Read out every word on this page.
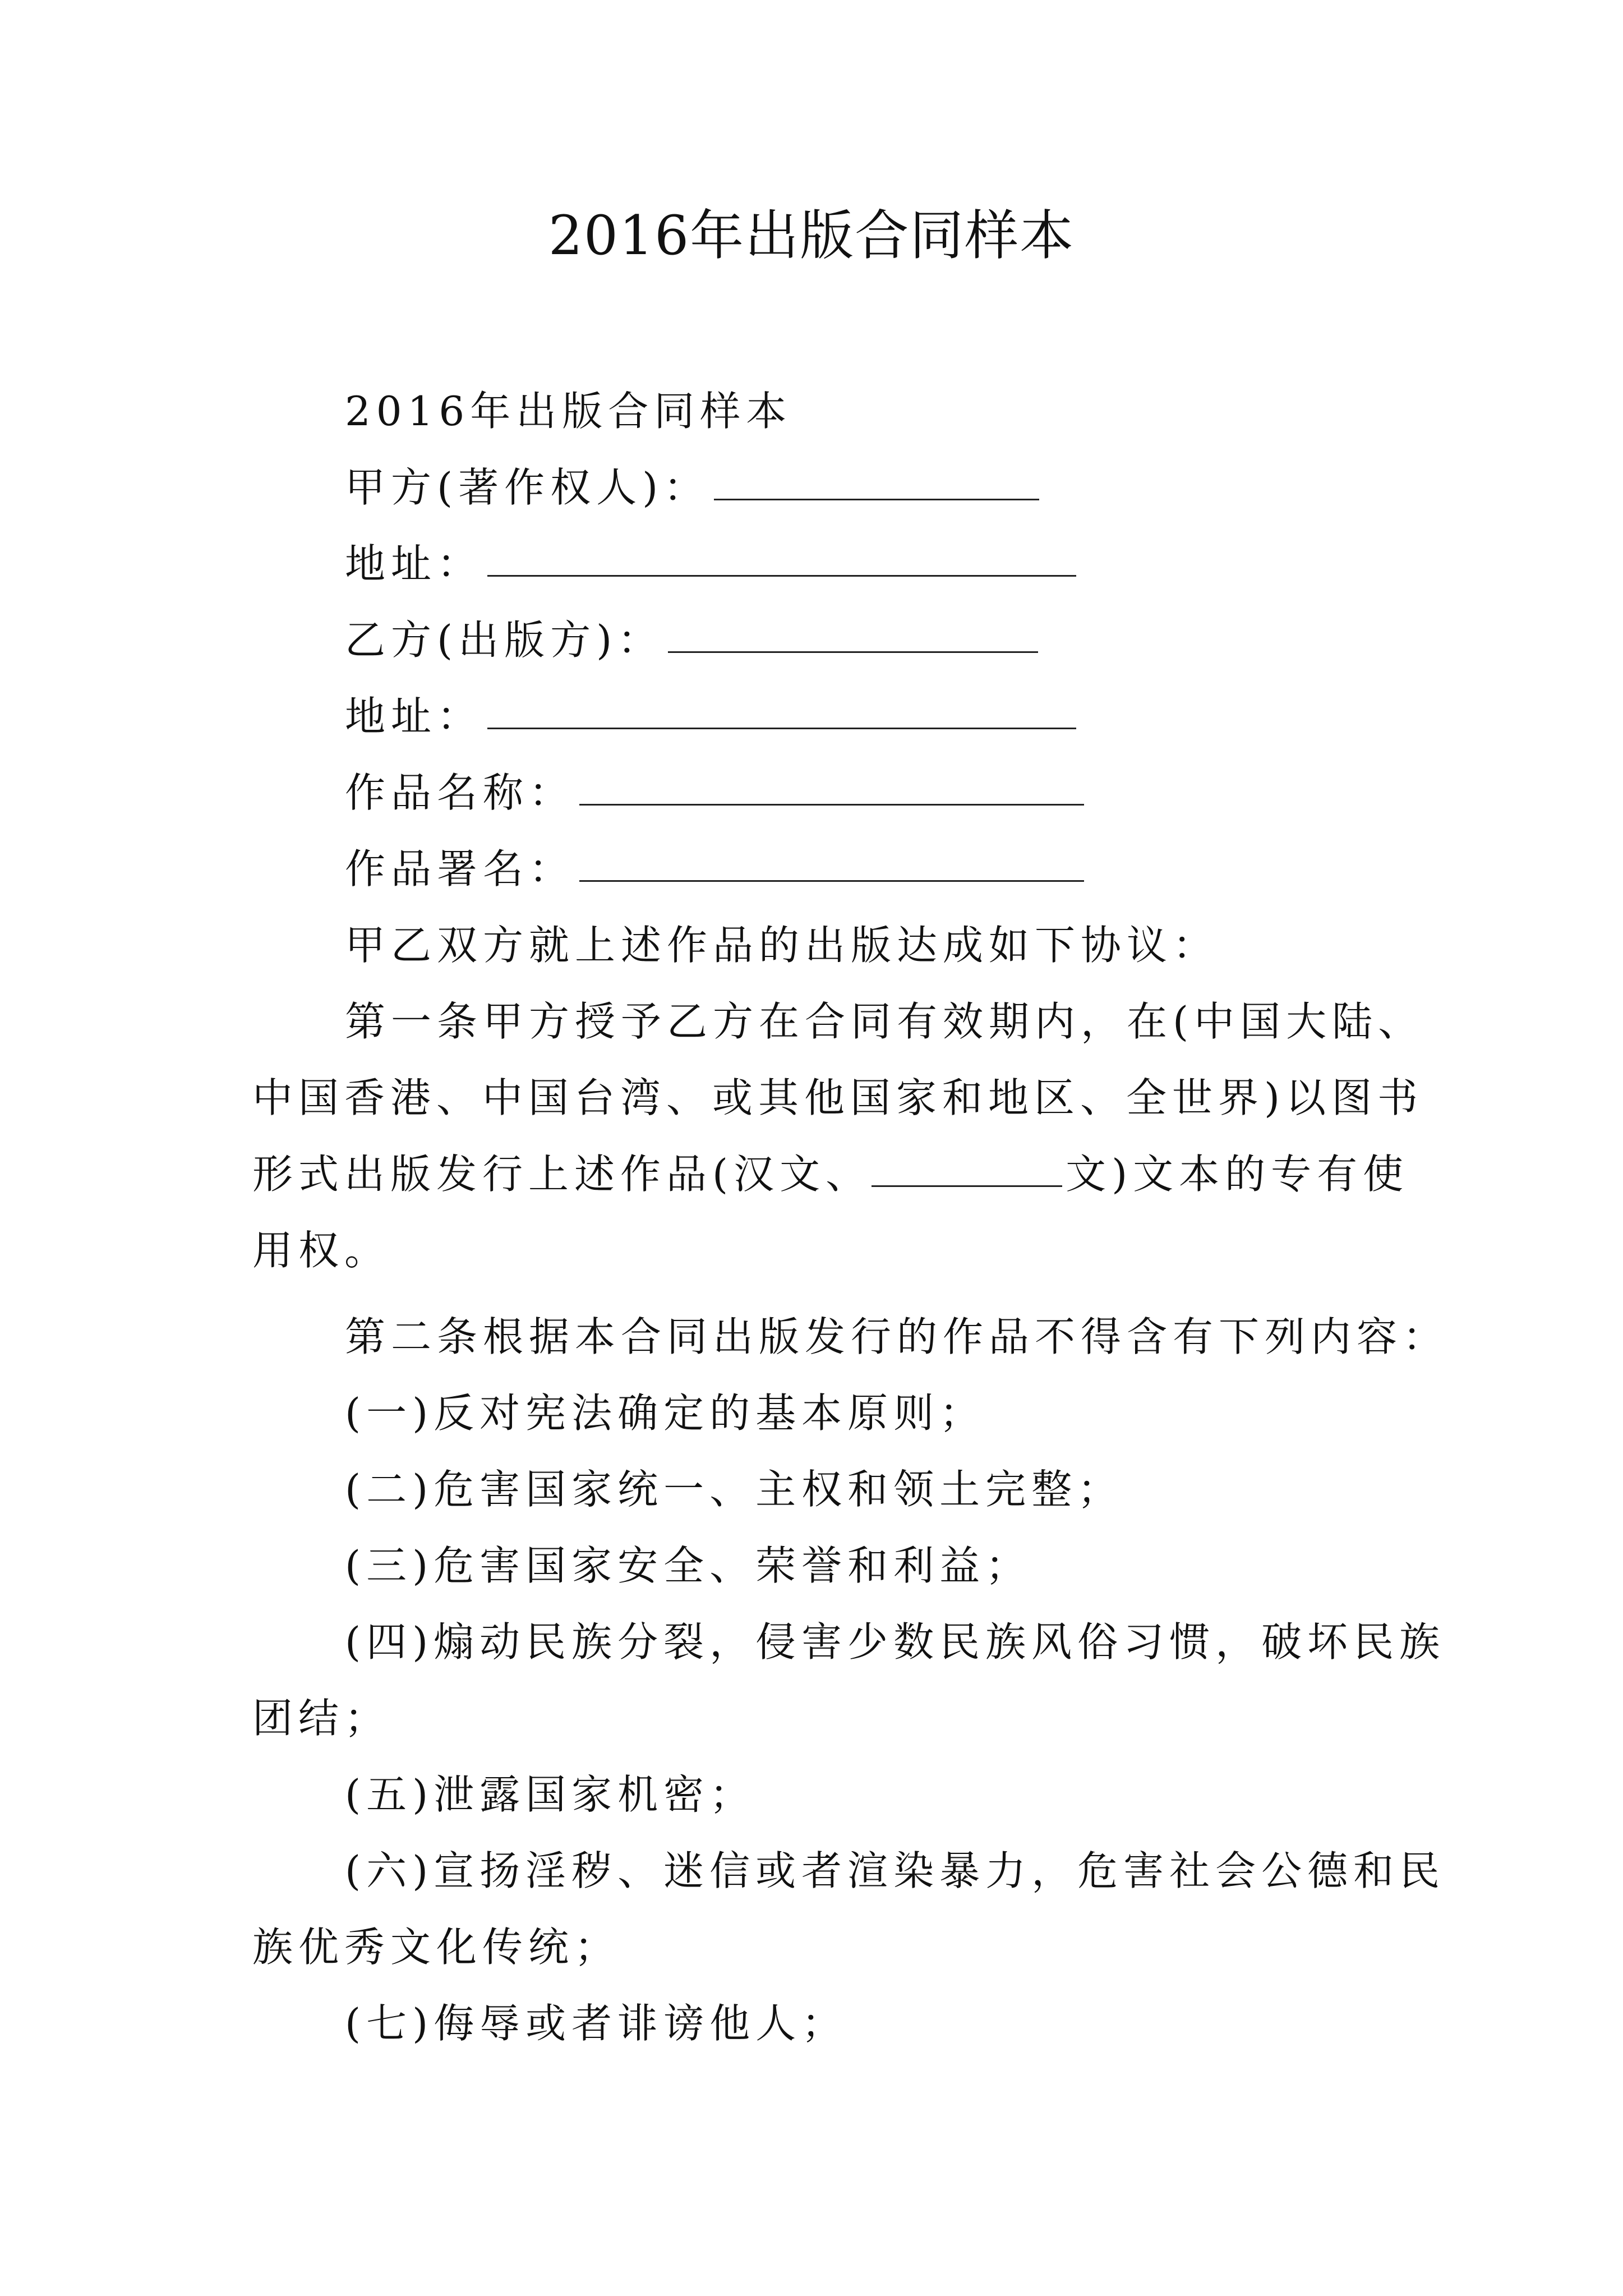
2016年出版合同样本
2016年出版合同样本
甲方(著作权人)：
地址：
乙方(出版方)：
地址：
作品名称：
作品署名：
甲乙双方就上述作品的出版达成如下协议：
第一条甲方授予乙方在合同有效期内，在(中国大陆、
中国香港、中国台湾、或其他国家和地区、全世界)以图书
形式出版发行上述作品(汉文、	文)文本的专有使
用权。
第二条根据本合同出版发行的作品不得含有下列内容：
(一)反对宪法确定的基本原则；
(二)危害国家统一、主权和领土完整；
(三)危害国家安全、荣誉和利益；
(四)煽动民族分裂，侵害少数民族风俗习惯，破坏民族
团结；
(五)泄露国家机密；
(六)宣扬淫秽、迷信或者渲染暴力，危害社会公德和民
族优秀文化传统；
(七)侮辱或者诽谤他人；
